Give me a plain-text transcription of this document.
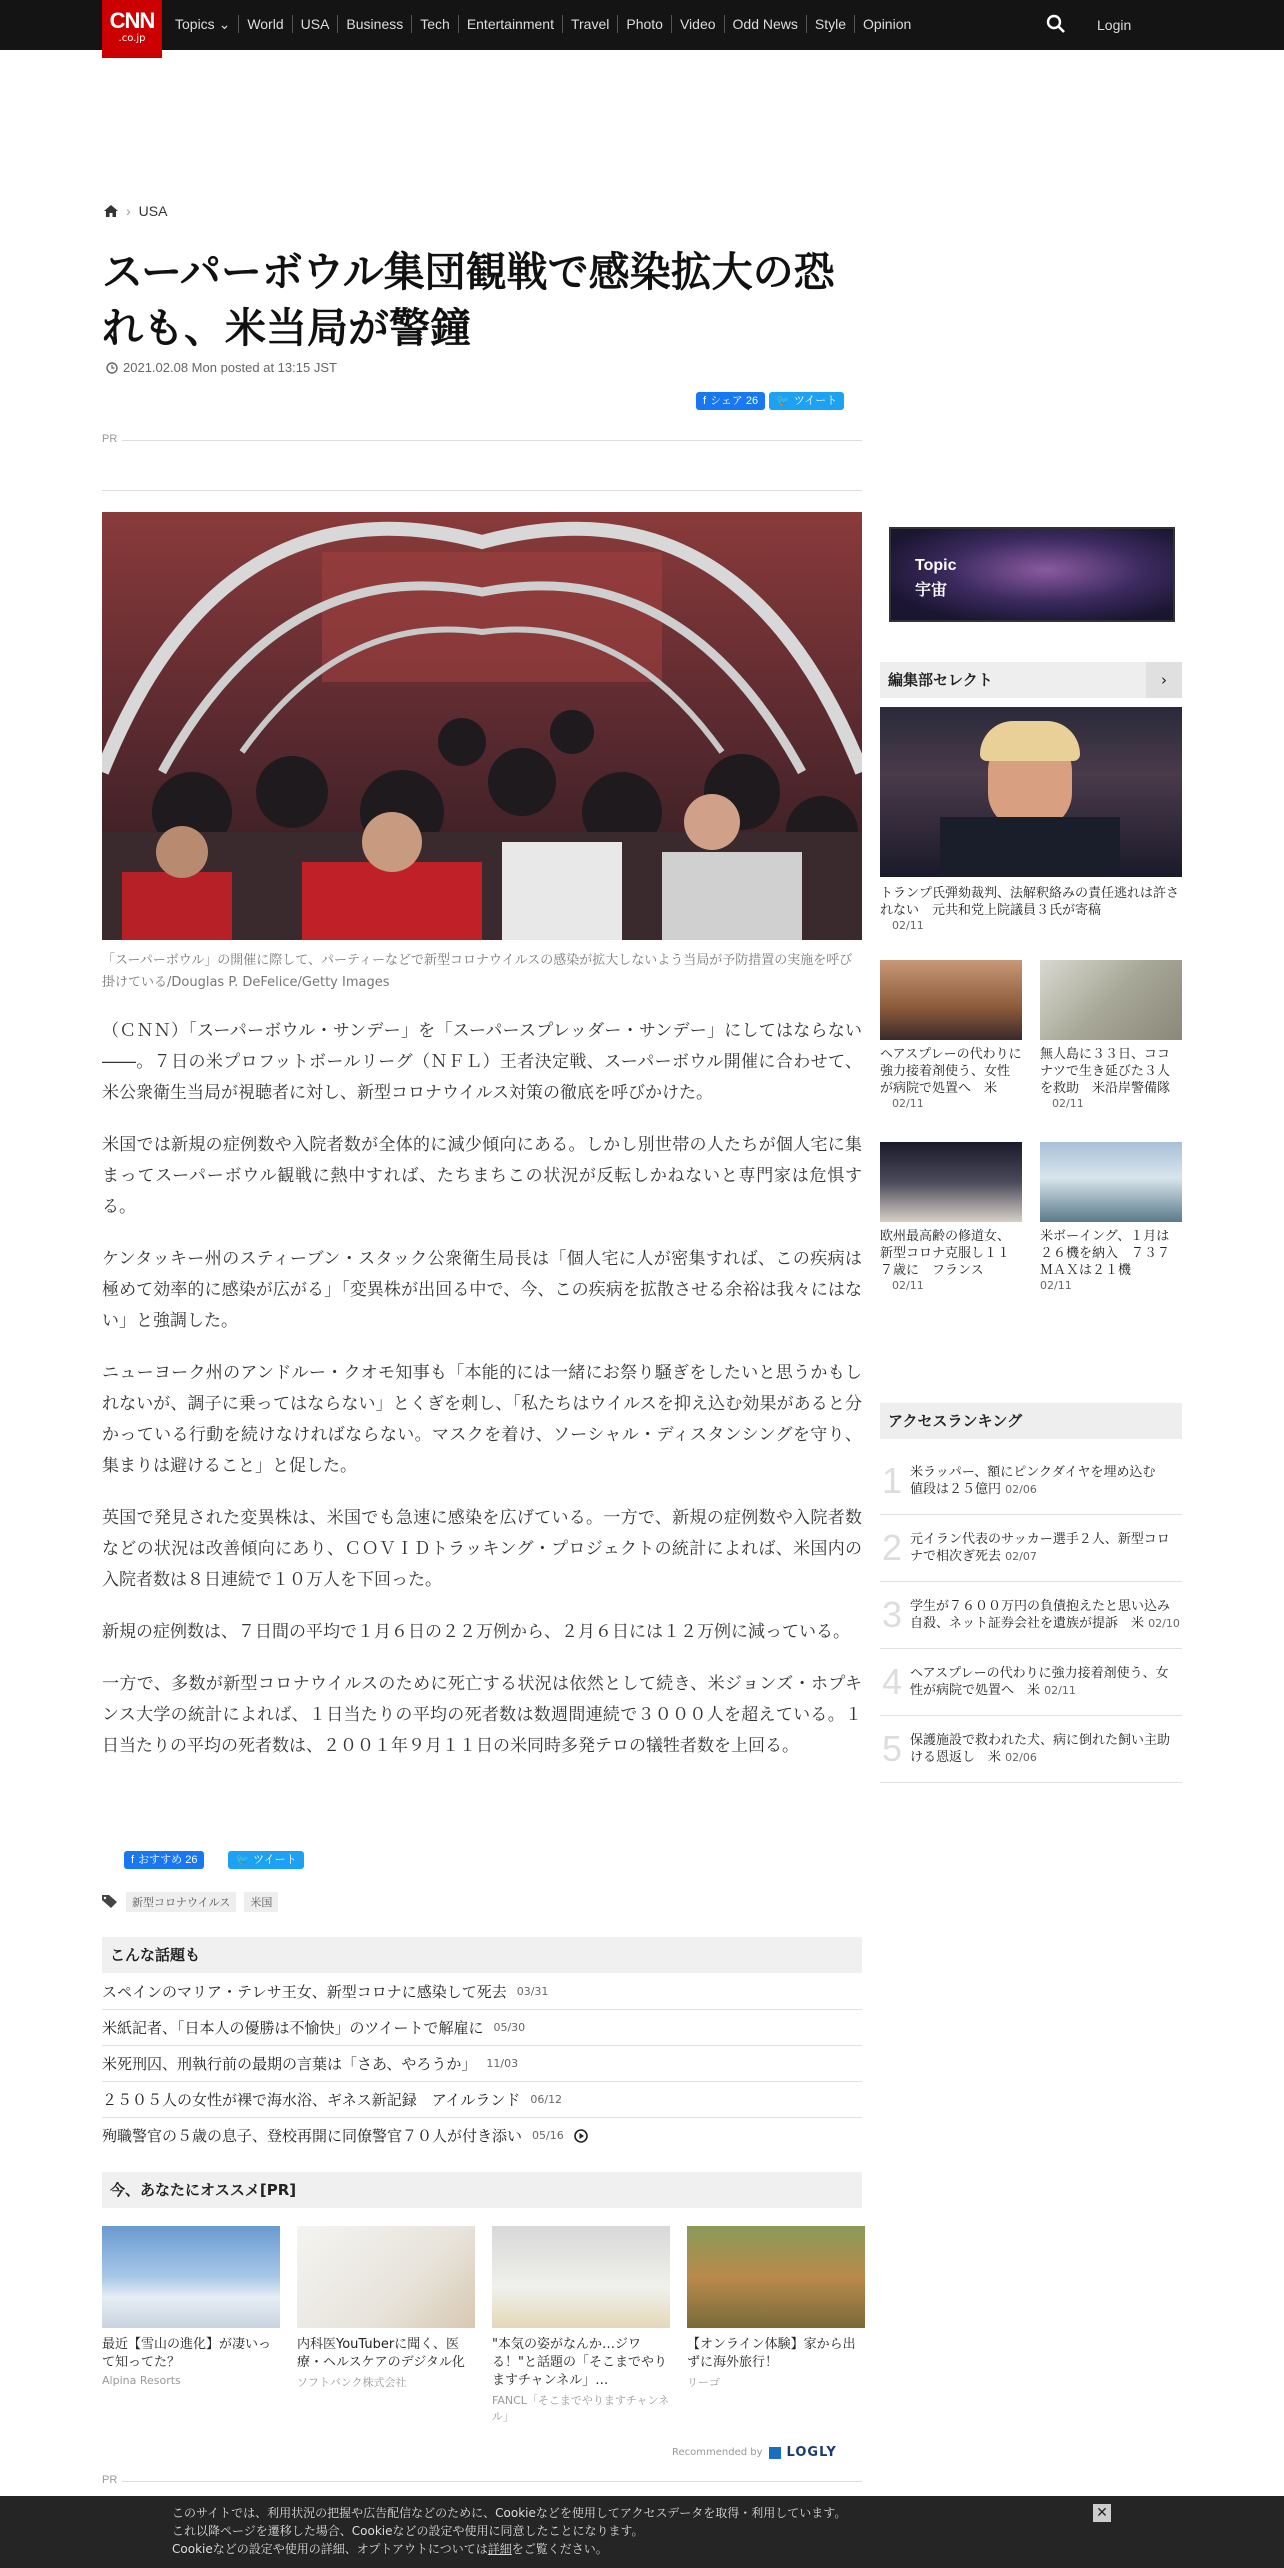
CNN
.co.jp
Topics ⌄	World	USA	Business	Tech	Entertainment	Travel	Photo	Video	Odd News	Style	Opinion	Login
› USA
スーパーボウル集団観戦で感染拡大の恐れも、米当局が警鐘
2021.02.08 Mon posted at 13:15 JST
f シェア 26 🐦 ツイート
PR

「スーパーボウル」の開催に際して、パーティーなどで新型コロナウイルスの感染が拡大しないよう当局が予防措置の実施を呼び掛けている/Douglas P. DeFelice/Getty Images

（ＣＮＮ）「スーパーボウル・サンデー」を「スーパースプレッダー・サンデー」にしてはならない――。７日の米プロフットボールリーグ（ＮＦＬ）王者決定戦、スーパーボウル開催に合わせて、米公衆衛生当局が視聴者に対し、新型コロナウイルス対策の徹底を呼びかけた。

米国では新規の症例数や入院者数が全体的に減少傾向にある。しかし別世帯の人たちが個人宅に集まってスーパーボウル観戦に熱中すれば、たちまちこの状況が反転しかねないと専門家は危惧する。

ケンタッキー州のスティーブン・スタック公衆衛生局長は「個人宅に人が密集すれば、この疾病は極めて効率的に感染が広がる」「変異株が出回る中で、今、この疾病を拡散させる余裕は我々にはない」と強調した。

ニューヨーク州のアンドルー・クオモ知事も「本能的には一緒にお祭り騒ぎをしたいと思うかもしれないが、調子に乗ってはならない」とくぎを刺し、「私たちはウイルスを抑え込む効果があると分かっている行動を続けなければならない。マスクを着け、ソーシャル・ディスタンシングを守り、集まりは避けること」と促した。

英国で発見された変異株は、米国でも急速に感染を広げている。一方で、新規の症例数や入院者数などの状況は改善傾向にあり、ＣＯＶＩＤトラッキング・プロジェクトの統計によれば、米国内の入院者数は８日連続で１０万人を下回った。

新規の症例数は、７日間の平均で１月６日の２２万例から、２月６日には１２万例に減っている。

一方で、多数が新型コロナウイルスのために死亡する状況は依然として続き、米ジョンズ・ホプキンス大学の統計によれば、１日当たりの平均の死者数は数週間連続で３０００人を超えている。１日当たりの平均の死者数は、２００１年９月１１日の米同時多発テロの犠牲者数を上回る。

f おすすめ 26	🐦 ツイート
新型コロナウイルス	米国
こんな話題も
スペインのマリア・テレサ王女、新型コロナに感染して死去 03/31
米紙記者、「日本人の優勝は不愉快」のツイートで解雇に 05/30
米死刑囚、刑執行前の最期の言葉は「さあ、やろうか」 11/03
２５０５人の女性が裸で海水浴、ギネス新記録　アイルランド 06/12
殉職警官の５歳の息子、登校再開に同僚警官７０人が付き添い 05/16
今、あなたにオススメ[PR]
最近【雪山の進化】が凄いって知ってた？
Alpina Resorts
内科医YouTuberに聞く、医療・ヘルスケアのデジタル化
ソフトバンク株式会社
"本気の姿がなんか…ジワる！"と話題の「そこまでやりますチャンネル」…
FANCL「そこまでやりますチャンネル」
【オンライン体験】家から出ずに海外旅行！
リーゴ
Recommended by LOGLY
PR
Topic
宇宙
編集部セレクト	›
トランプ氏弾劾裁判、法解釈絡みの責任逃れは許されない　元共和党上院議員３氏が寄稿
02/11
ヘアスプレーの代わりに強力接着剤使う、女性が病院で処置へ　米
02/11
無人島に３３日、ココナツで生き延びた３人を救助　米沿岸警備隊
02/11
欧州最高齢の修道女、新型コロナ克服し１１７歳に　フランス
02/11
米ボーイング、１月は２６機を納入　７３７ＭＡＸは２１機
02/11
アクセスランキング
1 米ラッパー、額にピンクダイヤを埋め込む　値段は２５億円 02/06
2 元イラン代表のサッカー選手２人、新型コロナで相次ぎ死去 02/07
3 学生が７６００万円の負債抱えたと思い込み自殺、ネット証券会社を遺族が提訴　米 02/10
4 ヘアスプレーの代わりに強力接着剤使う、女性が病院で処置へ　米 02/11
5 保護施設で救われた犬、病に倒れた飼い主助ける恩返し　米 02/06
このサイトでは、利用状況の把握や広告配信などのために、Cookieなどを使用してアクセスデータを取得・利用しています。
これ以降ページを遷移した場合、Cookieなどの設定や使用に同意したことになります。
Cookieなどの設定や使用の詳細、オプトアウトについては詳細をご覧ください。
✕
